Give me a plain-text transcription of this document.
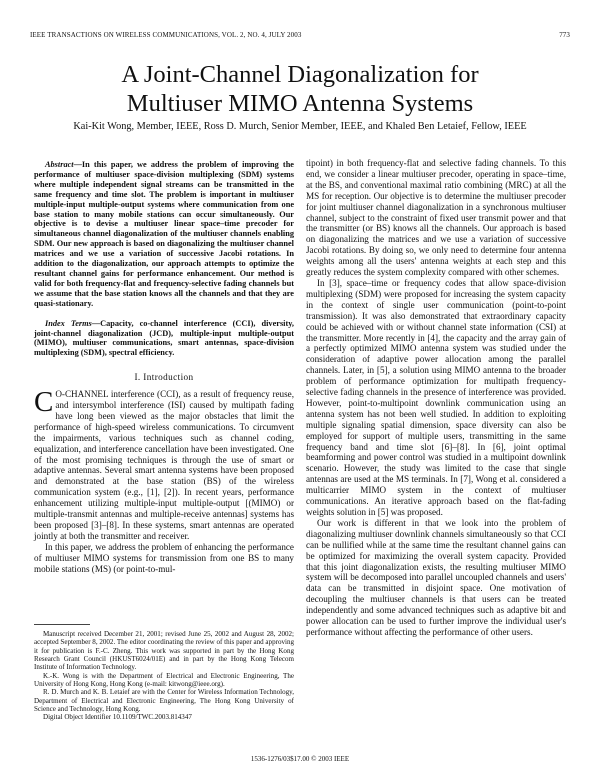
IEEE TRANSACTIONS ON WIRELESS COMMUNICATIONS, VOL. 2, NO. 4, JULY 2003	773
A Joint-Channel Diagonalization for
Multiuser MIMO Antenna Systems
Kai-Kit Wong, Member, IEEE, Ross D. Murch, Senior Member, IEEE, and Khaled Ben Letaief, Fellow, IEEE

Abstract—In this paper, we address the problem of improving the performance of multiuser space-division multiplexing (SDM) systems where multiple independent signal streams can be transmitted in the same frequency and time slot. The problem is important in multiuser multiple-input multiple-output systems where communication from one base station to many mobile stations can occur simultaneously. Our objective is to devise a multiuser linear space–time precoder for simultaneous channel diagonalization of the multiuser channels enabling SDM. Our new approach is based on diagonalizing the multiuser channel matrices and we use a variation of successive Jacobi rotations. In addition to the diagonalization, our approach attempts to optimize the resultant channel gains for performance enhancement. Our method is valid for both frequency-flat and frequency-selective fading channels but we assume that the base station knows all the channels and that they are quasi-stationary.

Index Terms—Capacity, co-channel interference (CCI), diversity, joint-channel diagonalization (JCD), multiple-input multiple-output (MIMO), multiuser communications, smart antennas, space-division multiplexing (SDM), spectral efficiency.

I. Introduction

C O-CHANNEL interference (CCI), as a result of frequency reuse, and intersymbol interference (ISI) caused by multipath fading have long been viewed as the major obstacles that limit the performance of high-speed wireless communications. To circumvent the impairments, various techniques such as channel coding, equalization, and interference cancellation have been investigated. One of the most promising techniques is through the use of smart or adaptive antennas. Several smart antenna systems have been proposed and demonstrated at the base station (BS) of the wireless communication system (e.g., [1], [2]). In recent years, performance enhancement utilizing multiple-input multiple-output [(MIMO) or multiple-transmit antennas and multiple-receive antennas] systems has been proposed [3]–[8]. In these systems, smart antennas are operated jointly at both the transmitter and receiver.

In this paper, we address the problem of enhancing the performance of multiuser MIMO systems for transmission from one BS to many mobile stations (MS) (or point-to-mul-

Manuscript received December 21, 2001; revised June 25, 2002 and August 28, 2002; accepted September 8, 2002. The editor coordinating the review of this paper and approving it for publication is F.-C. Zheng. This work was supported in part by the Hong Kong Research Grant Council (HKUST6024/01E) and in part by the Hong Kong Telecom Institute of Information Technology.

K.-K. Wong is with the Department of Electrical and Electronic Engineering, The University of Hong Kong, Hong Kong (e-mail: kitwong@ieee.org).

R. D. Murch and K. B. Letaief are with the Center for Wireless Information Technology, Department of Electrical and Electronic Engineering, The Hong Kong University of Science and Technology, Hong Kong.

Digital Object Identifier 10.1109/TWC.2003.814347

tipoint) in both frequency-flat and selective fading channels. To this end, we consider a linear multiuser precoder, operating in space–time, at the BS, and conventional maximal ratio combining (MRC) at all the MS for reception. Our objective is to determine the multiuser precoder for joint multiuser channel diagonalization in a synchronous multiuser channel, subject to the constraint of fixed user transmit power and that the transmitter (or BS) knows all the channels. Our approach is based on diagonalizing the matrices and we use a variation of successive Jacobi rotations. By doing so, we only need to determine four antenna weights among all the users' antenna weights at each step and this greatly reduces the system complexity compared with other schemes.

In [3], space–time or frequency codes that allow space-division multiplexing (SDM) were proposed for increasing the system capacity in the context of single user communication (point-to-point transmission). It was also demonstrated that extraordinary capacity could be achieved with or without channel state information (CSI) at the transmitter. More recently in [4], the capacity and the array gain of a perfectly optimized MIMO antenna system was studied under the consideration of adaptive power allocation among the parallel channels. Later, in [5], a solution using MIMO antenna to the broader problem of performance optimization for multipath frequency-selective fading channels in the presence of interference was provided. However, point-to-multipoint downlink communication using an antenna system has not been well studied. In addition to exploiting multiple signaling spatial dimension, space diversity can also be employed for support of multiple users, transmitting in the same frequency band and time slot [6]–[8]. In [6], joint optimal beamforming and power control was studied in a multipoint downlink scenario. However, the study was limited to the case that single antennas are used at the MS terminals. In [7], Wong et al. considered a multicarrier MIMO system in the context of multiuser communications. An iterative approach based on the flat-fading weights solution in [5] was proposed.

Our work is different in that we look into the problem of diagonalizing multiuser downlink channels simultaneously so that CCI can be nullified while at the same time the resultant channel gains can be optimized for maximizing the overall system capacity. Provided that this joint diagonalization exists, the resulting multiuser MIMO system will be decomposed into parallel uncoupled channels and users' data can be transmitted in disjoint space. One motivation of decoupling the multiuser channels is that users can be treated independently and some advanced techniques such as adaptive bit and power allocation can be used to further improve the individual user's performance without affecting the performance of other users.

1536-1276/03$17.00 © 2003 IEEE
